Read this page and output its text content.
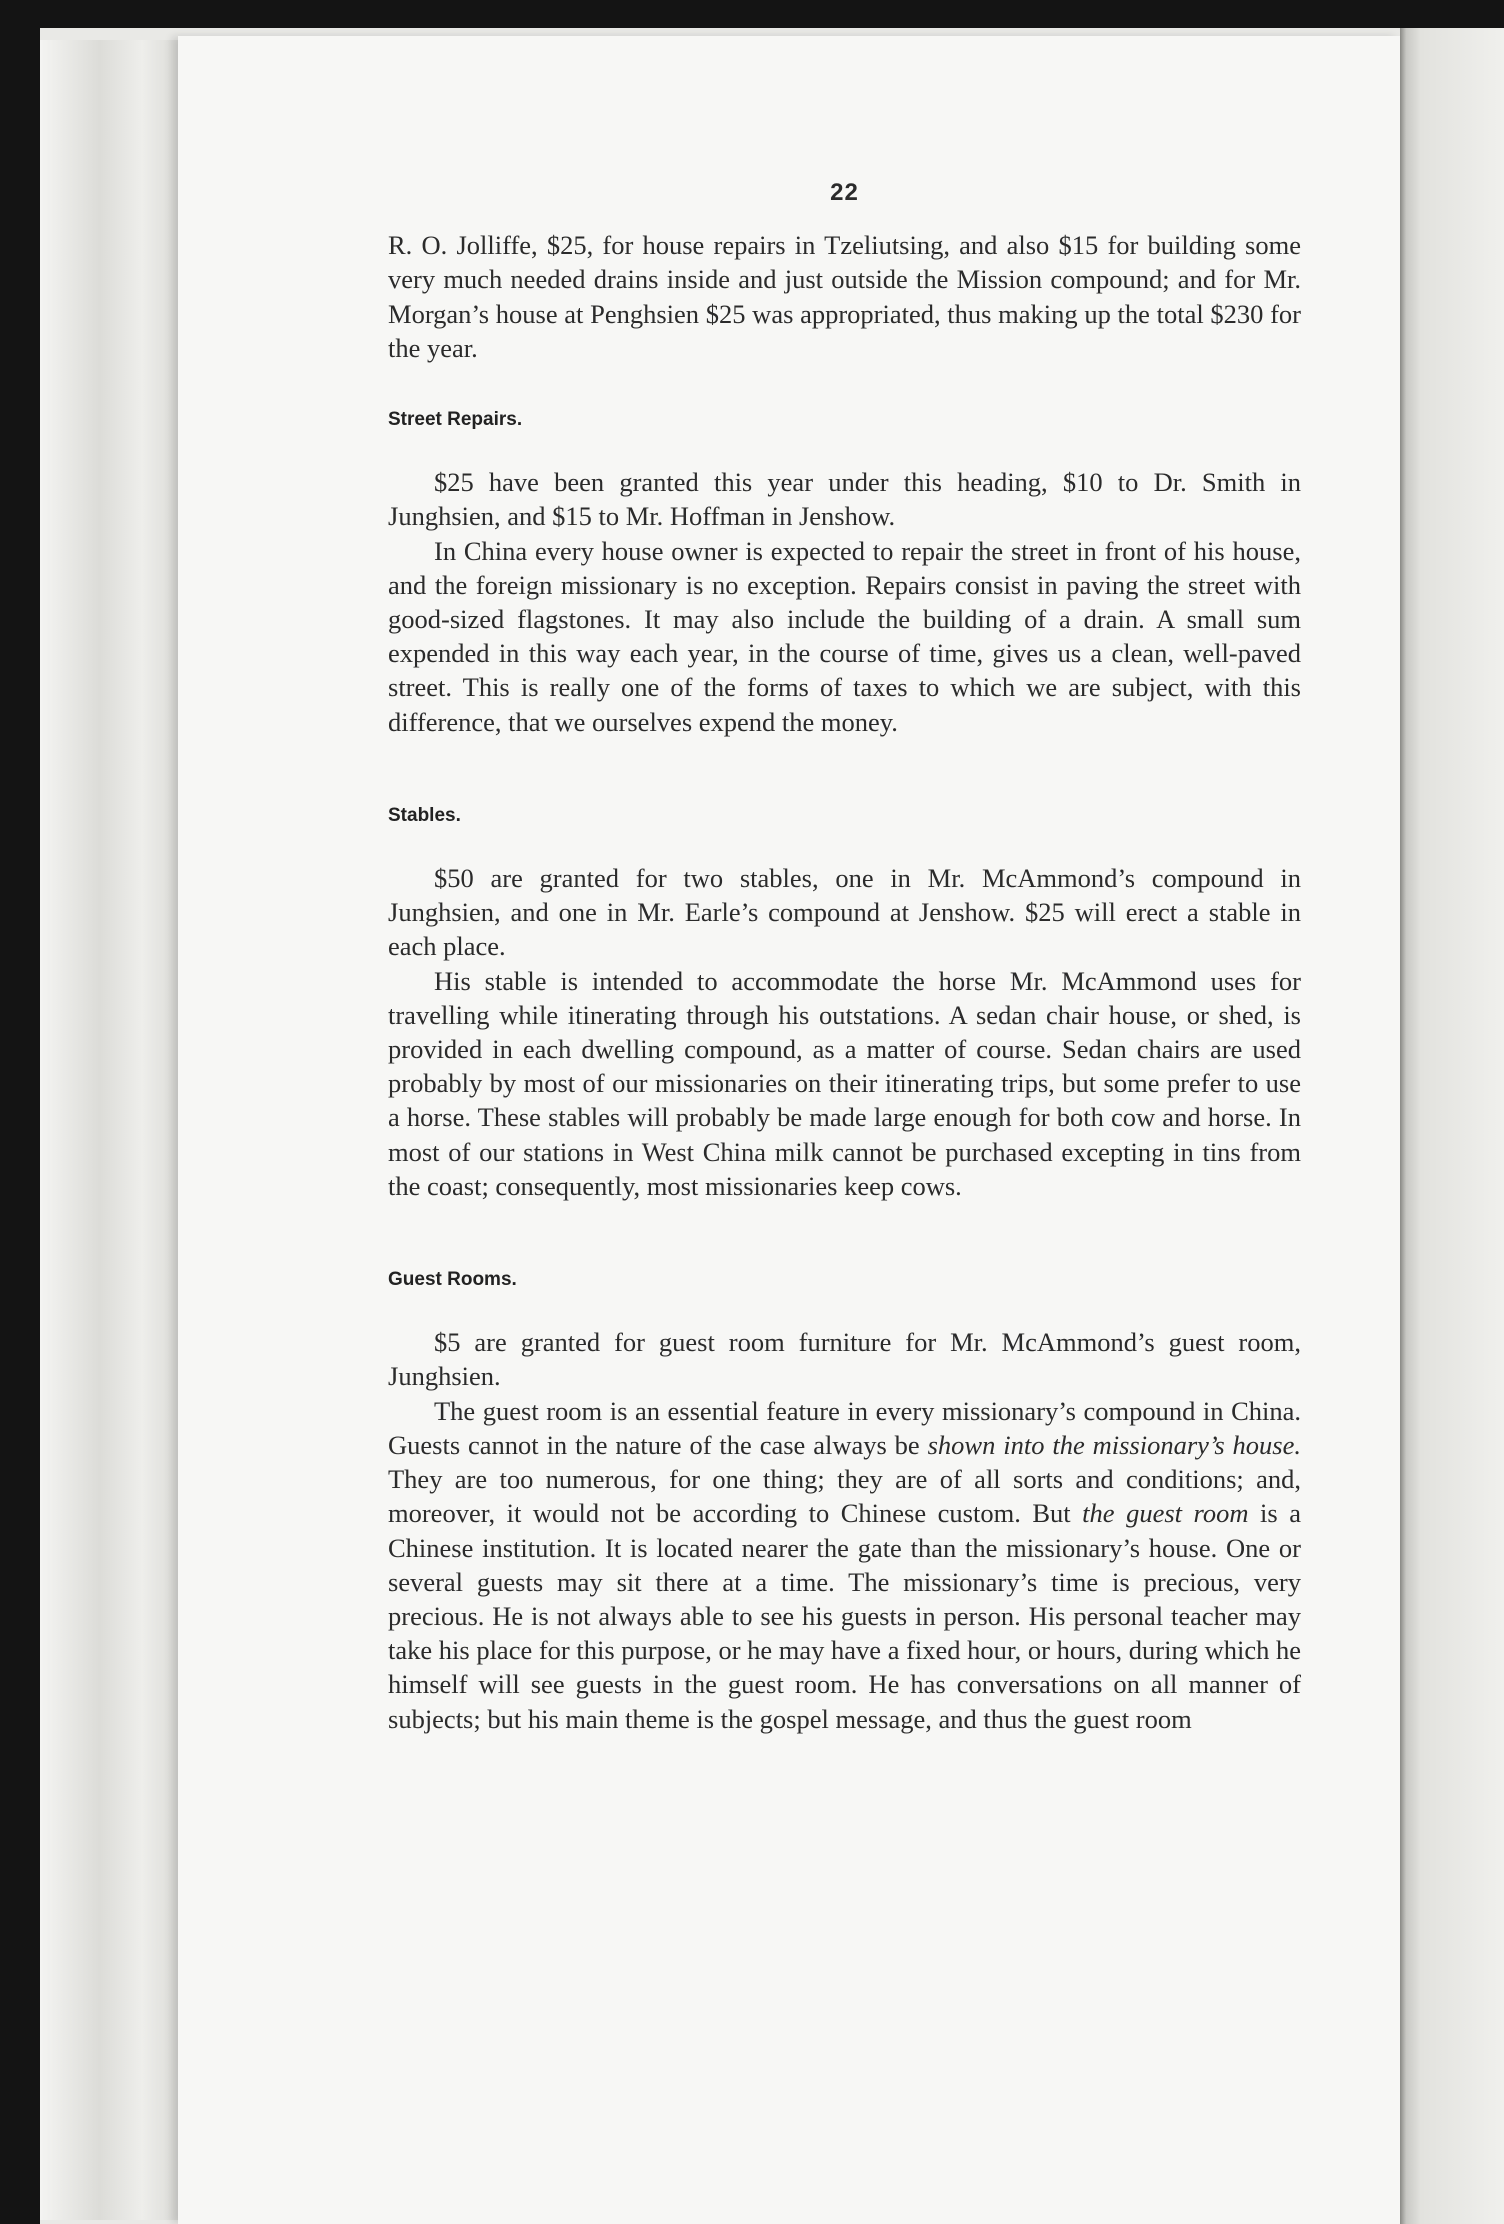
22

R. O. Jolliffe, $25, for house repairs in Tzeliutsing, and also $15 for building some very much needed drains inside and just outside the Mission compound; and for Mr. Morgan’s house at Penghsien $25 was appropriated, thus making up the total $230 for the year.

Street Repairs.

$25 have been granted this year under this heading, $10 to Dr. Smith in Junghsien, and $15 to Mr. Hoffman in Jenshow.

In China every house owner is expected to repair the street in front of his house, and the foreign missionary is no exception. Repairs consist in paving the street with good-sized flagstones. It may also include the building of a drain. A small sum expended in this way each year, in the course of time, gives us a clean, well-paved street. This is really one of the forms of taxes to which we are subject, with this difference, that we ourselves expend the money.

Stables.

$50 are granted for two stables, one in Mr. McAmmond’s compound in Junghsien, and one in Mr. Earle’s compound at Jenshow. $25 will erect a stable in each place.

His stable is intended to accommodate the horse Mr. McAmmond uses for travelling while itinerating through his outstations. A sedan chair house, or shed, is provided in each dwelling compound, as a matter of course. Sedan chairs are used probably by most of our missionaries on their itinerating trips, but some prefer to use a horse. These stables will probably be made large enough for both cow and horse. In most of our stations in West China milk cannot be purchased excepting in tins from the coast; consequently, most missionaries keep cows.

Guest Rooms.

$5 are granted for guest room furniture for Mr. McAmmond’s guest room, Junghsien.

The guest room is an essential feature in every missionary’s compound in China. Guests cannot in the nature of the case always be shown into the missionary’s house. They are too numerous, for one thing; they are of all sorts and conditions; and, moreover, it would not be according to Chinese custom. But the guest room is a Chinese institution. It is located nearer the gate than the missionary’s house. One or several guests may sit there at a time. The missionary’s time is precious, very precious. He is not always able to see his guests in person. His personal teacher may take his place for this purpose, or he may have a fixed hour, or hours, during which he himself will see guests in the guest room. He has conversations on all manner of subjects; but his main theme is the gospel message, and thus the guest room
